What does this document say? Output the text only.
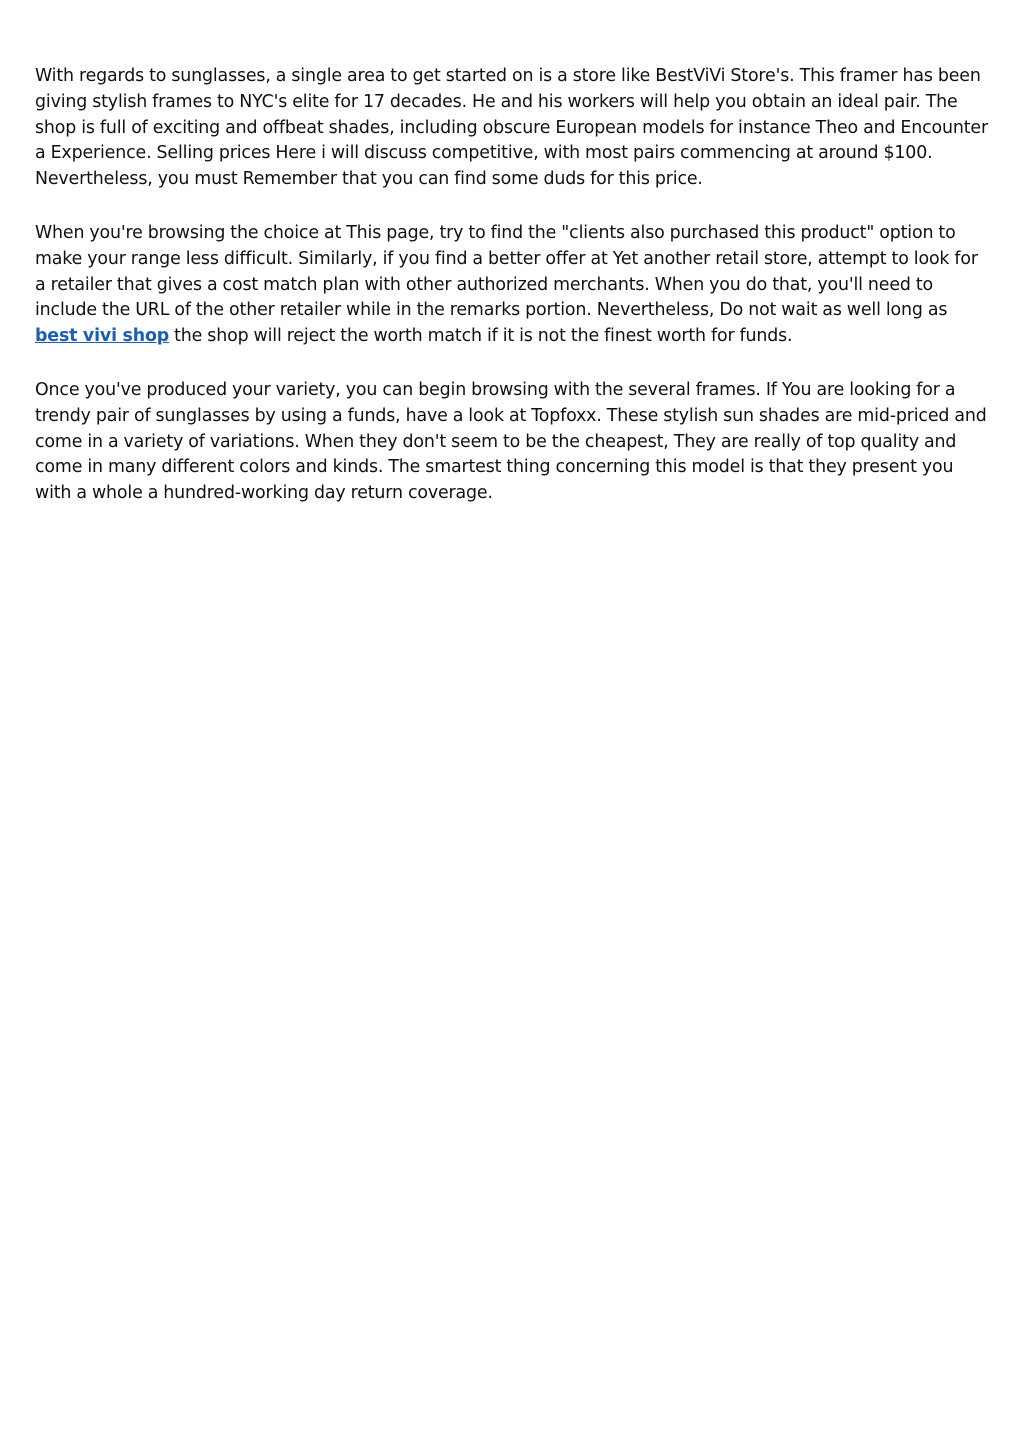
With regards to sunglasses, a single area to get started on is a store like BestViVi Store's. This framer has been giving stylish frames to NYC's elite for 17 decades. He and his workers will help you obtain an ideal pair. The shop is full of exciting and offbeat shades, including obscure European models for instance Theo and Encounter a Experience. Selling prices Here i will discuss competitive, with most pairs commencing at around $100. Nevertheless, you must Remember that you can find some duds for this price.

When you're browsing the choice at This page, try to find the "clients also purchased this product" option to make your range less difficult. Similarly, if you find a better offer at Yet another retail store, attempt to look for a retailer that gives a cost match plan with other authorized merchants. When you do that, you'll need to include the URL of the other retailer while in the remarks portion. Nevertheless, Do not wait as well long as best vivi shop the shop will reject the worth match if it is not the finest worth for funds.

Once you've produced your variety, you can begin browsing with the several frames. If You are looking for a trendy pair of sunglasses by using a funds, have a look at Topfoxx. These stylish sun shades are mid-priced and come in a variety of variations. When they don't seem to be the cheapest, They are really of top quality and come in many different colors and kinds. The smartest thing concerning this model is that they present you with a whole a hundred-working day return coverage.
